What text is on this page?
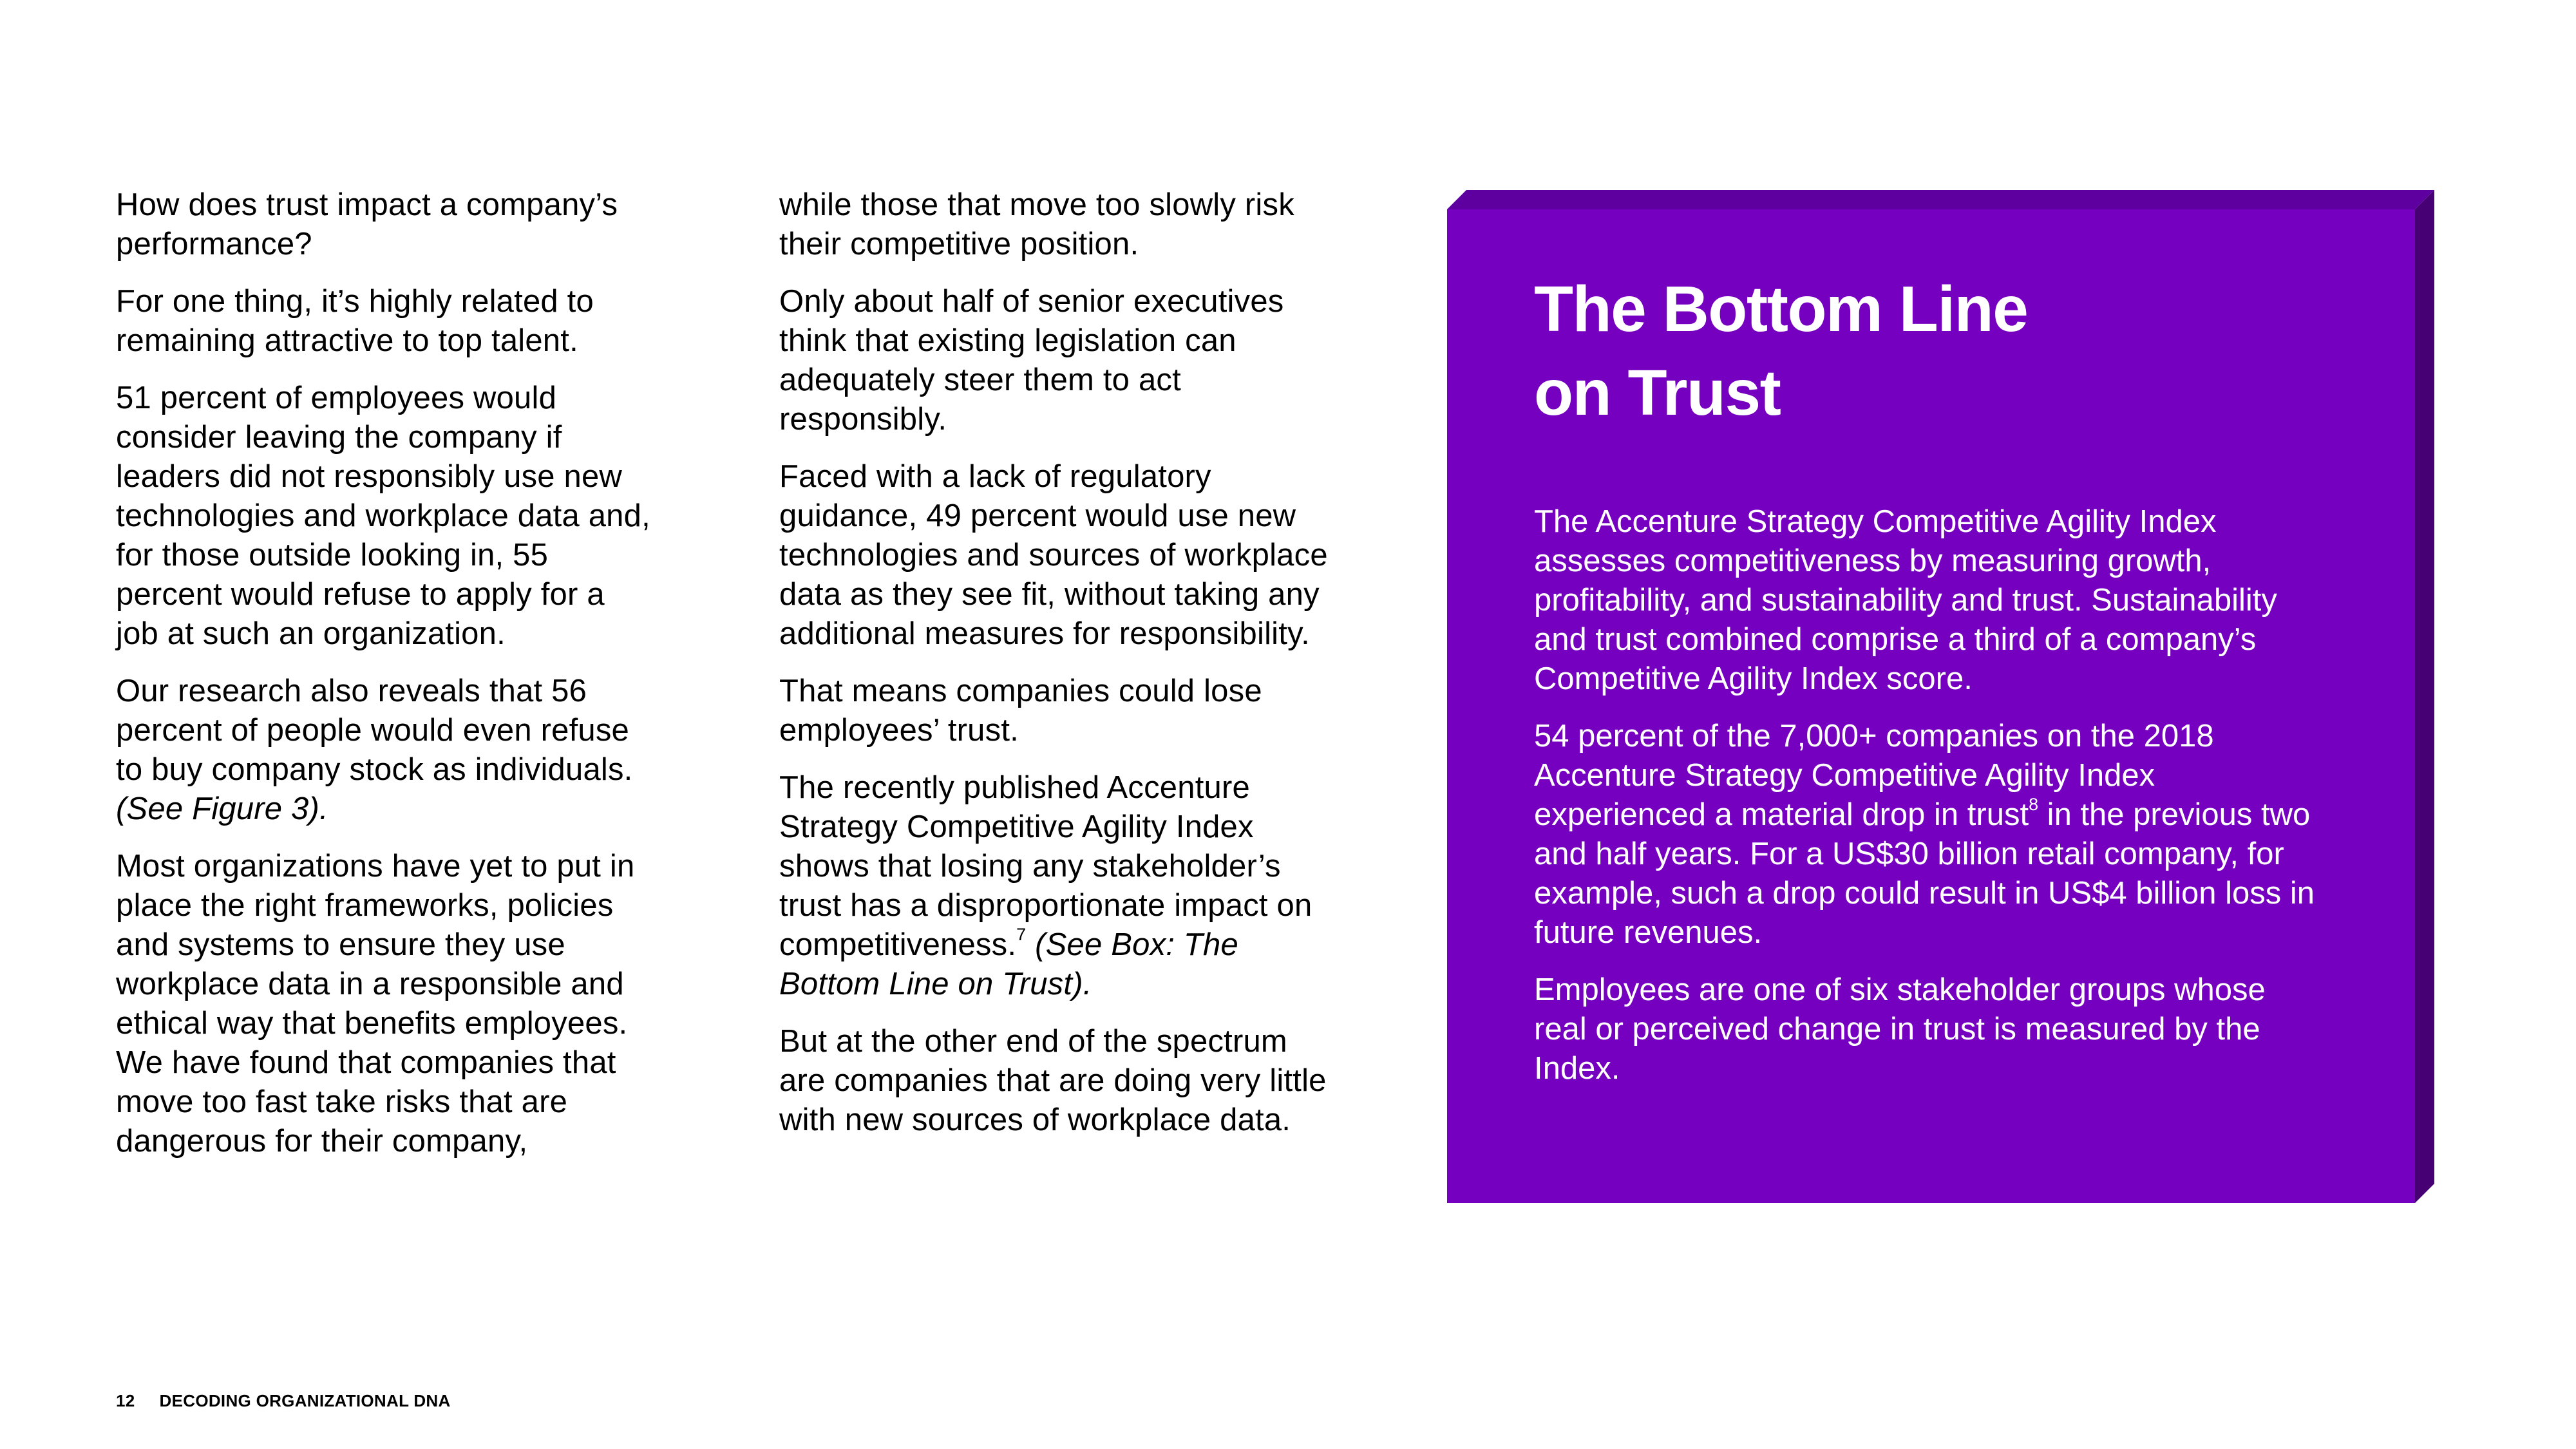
How does trust impact a company’s performance?

For one thing, it’s highly related to remaining attractive to top talent.

51 percent of employees would consider leaving the company if leaders did not responsibly use new technologies and workplace data and, for those outside looking in, 55 percent would refuse to apply for a job at such an organization.

Our research also reveals that 56 percent of people would even refuse to buy company stock as individuals. (See Figure 3).

Most organizations have yet to put in place the right frameworks, policies and systems to ensure they use workplace data in a responsible and ethical way that benefits employees. We have found that companies that move too fast take risks that are dangerous for their company,

while those that move too slowly risk their competitive position.

Only about half of senior executives think that existing legislation can adequately steer them to act responsibly.

Faced with a lack of regulatory guidance, 49 percent would use new technologies and sources of workplace data as they see fit, without taking any additional measures for responsibility.

That means companies could lose employees’ trust.

The recently published Accenture Strategy Competitive Agility Index shows that losing any stakeholder’s trust has a disproportionate impact on competitiveness.$^7$ (See Box: The Bottom Line on Trust).

But at the other end of the spectrum are companies that are doing very little with new sources of workplace data.

The Bottom Line on Trust

The Accenture Strategy Competitive Agility Index assesses competitiveness by measuring growth, profitability, and sustainability and trust. Sustainability and trust combined comprise a third of a company’s Competitive Agility Index score.

54 percent of the 7,000+ companies on the 2018 Accenture Strategy Competitive Agility Index experienced a material drop in trust$^8$ in the previous two and half years. For a US$30 billion retail company, for example, such a drop could result in US$4 billion loss in future revenues.

Employees are one of six stakeholder groups whose real or perceived change in trust is measured by the Index.

12 DECODING ORGANIZATIONAL DNA
